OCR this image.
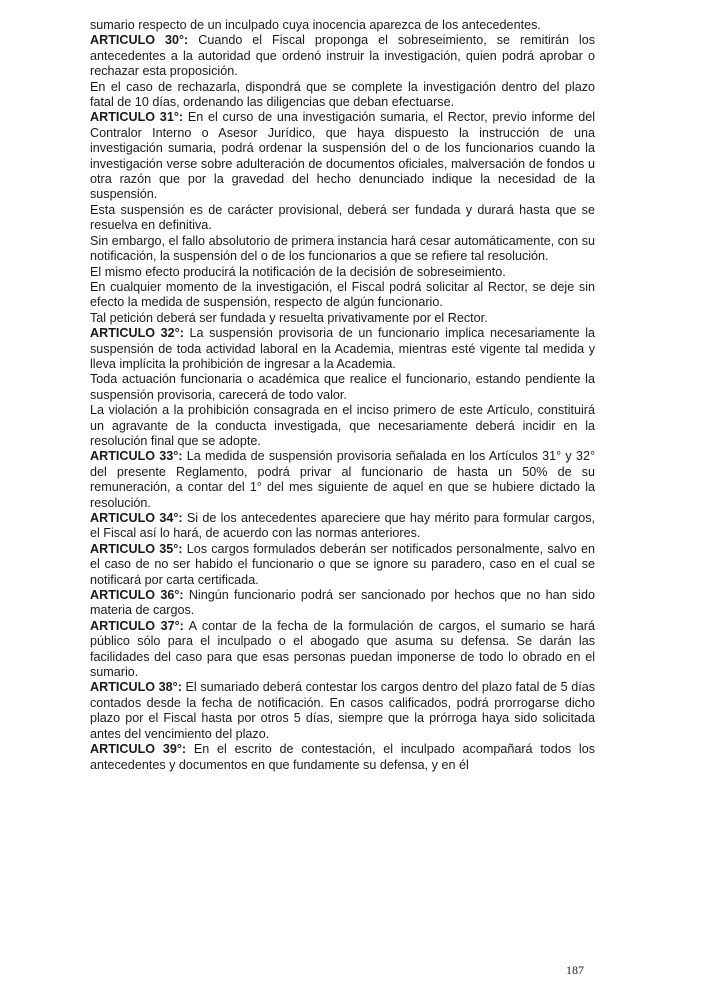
sumario respecto de un inculpado cuya inocencia aparezca de los antecedentes.

ARTICULO 30°: Cuando el Fiscal proponga el sobreseimiento, se remitirán los antecedentes a la autoridad que ordenó instruir la investigación, quien podrá aprobar o rechazar esta proposición.

En el caso de rechazarla, dispondrá que se complete la investigación dentro del plazo fatal de 10 días, ordenando las diligencias que deban efectuarse.

ARTICULO 31°: En el curso de una investigación sumaria, el Rector, previo informe del Contralor Interno o Asesor Jurídico, que haya dispuesto la instrucción de una investigación sumaria, podrá ordenar la suspensión del o de los funcionarios cuando la investigación verse sobre adulteración de documentos oficiales, malversación de fondos u otra razón que por la gravedad del hecho denunciado indique la necesidad de la suspensión.

Esta suspensión es de carácter provisional, deberá ser fundada y durará hasta que se resuelva en definitiva.

Sin embargo, el fallo absolutorio de primera instancia hará cesar automáticamente, con su notificación, la suspensión del o de los funcionarios a que se refiere tal resolución.

El mismo efecto producirá la notificación de la decisión de sobreseimiento.

En cualquier momento de la investigación, el Fiscal podrá solicitar al Rector, se deje sin efecto la medida de suspensión, respecto de algún funcionario.

Tal petición deberá ser fundada y resuelta privativamente por el Rector.

ARTICULO 32°: La suspensión provisoria de un funcionario implica necesariamente la suspensión de toda actividad laboral en la Academia, mientras esté vigente tal medida y lleva implícita la prohibición de ingresar a la Academia.

Toda actuación funcionaria o académica que realice el funcionario, estando pendiente la suspensión provisoria, carecerá de todo valor.

La violación a la prohibición consagrada en el inciso primero de este Artículo, constituirá un agravante de la conducta investigada, que necesariamente deberá incidir en la resolución final que se adopte.

ARTICULO 33°: La medida de suspensión provisoria señalada en los Artículos 31° y 32° del presente Reglamento, podrá privar al funcionario de hasta un 50% de su remuneración, a contar del 1° del mes siguiente de aquel en que se hubiere dictado la resolución.

ARTICULO 34°: Si de los antecedentes apareciere que hay mérito para formular cargos, el Fiscal así lo hará, de acuerdo con las normas anteriores.

ARTICULO 35°: Los cargos formulados deberán ser notificados personalmente, salvo en el caso de no ser habido el funcionario o que se ignore su paradero, caso en el cual se notificará por carta certificada.

ARTICULO 36°: Ningún funcionario podrá ser sancionado por hechos que no han sido materia de cargos.

ARTICULO 37°: A contar de la fecha de la formulación de cargos, el sumario se hará público sólo para el inculpado o el abogado que asuma su defensa. Se darán las facilidades del caso para que esas personas puedan imponerse de todo lo obrado en el sumario.

ARTICULO 38°: El sumariado deberá contestar los cargos dentro del plazo fatal de 5 días contados desde la fecha de notificación. En casos calificados, podrá prorrogarse dicho plazo por el Fiscal hasta por otros 5 días, siempre que la prórroga haya sido solicitada antes del vencimiento del plazo.

ARTICULO 39°: En el escrito de contestación, el inculpado acompañará todos los antecedentes y documentos en que fundamente su defensa, y en él

187
